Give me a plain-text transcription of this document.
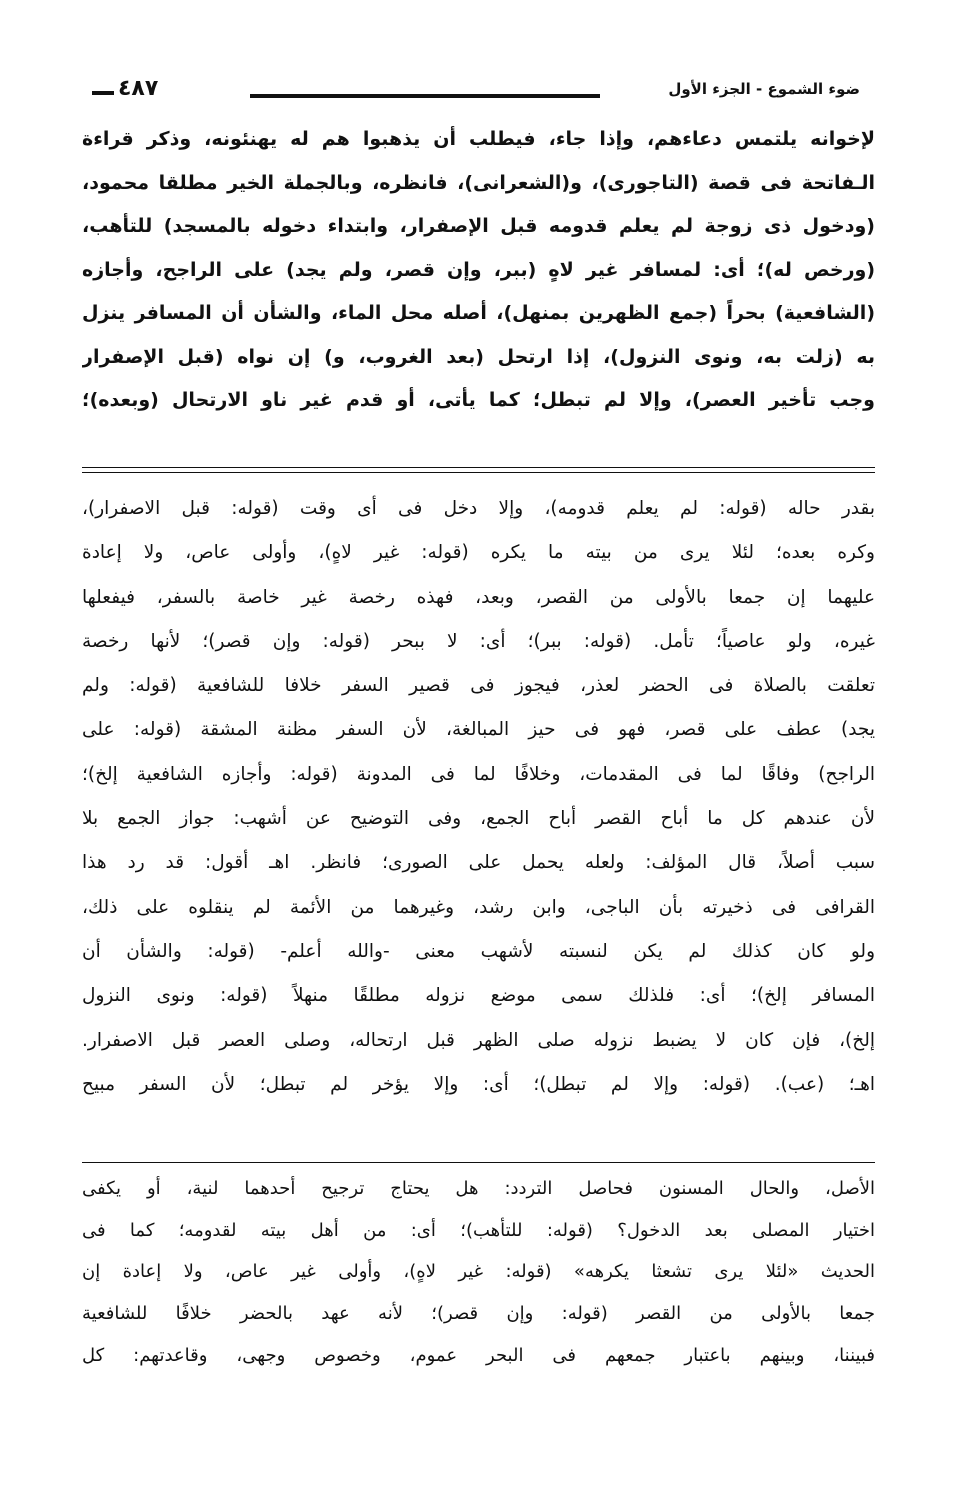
٤٨٧	ضوء الشموع - الجزء الأول
لإخوانه يلتمس دعاءهم، وإذا جاء، فيطلب أن يذهبوا هم له يهنئونه، وذكر قراءة
الـفاتحة فى قصة (التاجورى)، و(الشعرانى)، فانظره، وبالجملة الخير مطلقا محمود،
(ودخول ذى زوجة لم يعلم قدومه قبل الإصفرار، وابتداء دخوله بالمسجد) للتأهب،
(ورخص له)؛ أى: لمسافر غير لاهٍ (ببر، وإن قصر، ولم يجد) على الراجح، وأجازه
(الشافعية) بحراً (جمع الظهرين بمنهل)، أصله محل الماء، والشأن أن المسافر ينزل
به (زلت به، ونوى النزول)، إذا ارتحل (بعد الغروب، و) إن نواه (قبل الإصفرار
وجب تأخير العصر)، وإلا لم تبطل؛ كما يأتى، أو قدم غير ناو الارتحال (وبعده)؛
بقدر حاله (قوله: لم يعلم قدومه)، وإلا دخل فى أى وقت (قوله: قبل الاصفرار)،
وكره بعده؛ لئلا يرى من بيته ما يكره (قوله: غير لاهٍ)، وأولى عاص، ولا إعادة
عليهما إن جمعا بالأولى من القصر، وبعد، فهذه رخصة غير خاصة بالسفر، فيفعلها
غيره، ولو عاصياً؛ تأمل. (قوله: ببر)؛ أى: لا ببحر (قوله: وإن قصر)؛ لأنها رخصة
تعلقت بالصلاة فى الحضر لعذر، فيجوز فى قصير السفر خلافا للشافعية (قوله: ولم
يجد) عطف على قصر، فهو فى حيز المبالغة، لأن السفر مظنة المشقة (قوله: على
الراجح) وفاقًا لما فى المقدمات، وخلافًا لما فى المدونة (قوله: وأجازه الشافعية إلخ)؛
لأن عندهم كل ما أباح القصر أباح الجمع، وفى التوضيح عن أشهب: جواز الجمع بلا
سبب أصلاً، قال المؤلف: ولعله يحمل على الصورى؛ فانظر. اهـ أقول: قد رد هذا
القرافى فى ذخيرته بأن الباجى، وابن رشد، وغيرهما من الأئمة لم ينقلوه على ذلك،
ولو كان كذلك لم يكن لنسبته لأشهب معنى -والله أعلم- (قوله: والشأن أن
المسافر إلخ)؛ أى: فلذلك سمى موضع نزوله مطلقًا منهلاً (قوله: ونوى النزول
إلخ)، فإن كان لا يضبط نزوله صلى الظهر قبل ارتحاله، وصلى العصر قبل الاصفرار.
اهـ؛ (عب). (قوله: وإلا لم تبطل)؛ أى: وإلا يؤخر لم تبطل؛ لأن السفر مبيح
الأصل، والحال المسنون فحاصل التردد: هل يحتاج ترجيح أحدهما لنية، أو يكفى
اختيار المصلى بعد الدخول؟ (قوله: للتأهب)؛ أى: من أهل بيته لقدومه؛ كما فى
الحديث «لئلا يرى تشعثا يكرهه» (قوله: غير لاهٍ)، وأولى غير عاص، ولا إعادة إن
جمعا بالأولى من القصر (قوله: وإن قصر)؛ لأنه عهد بالحضر خلافًا للشافعية
فبيننا، وبينهم باعتبار جمعهم فى البحر عموم، وخصوص وجهى، وقاعدتهم: كل
